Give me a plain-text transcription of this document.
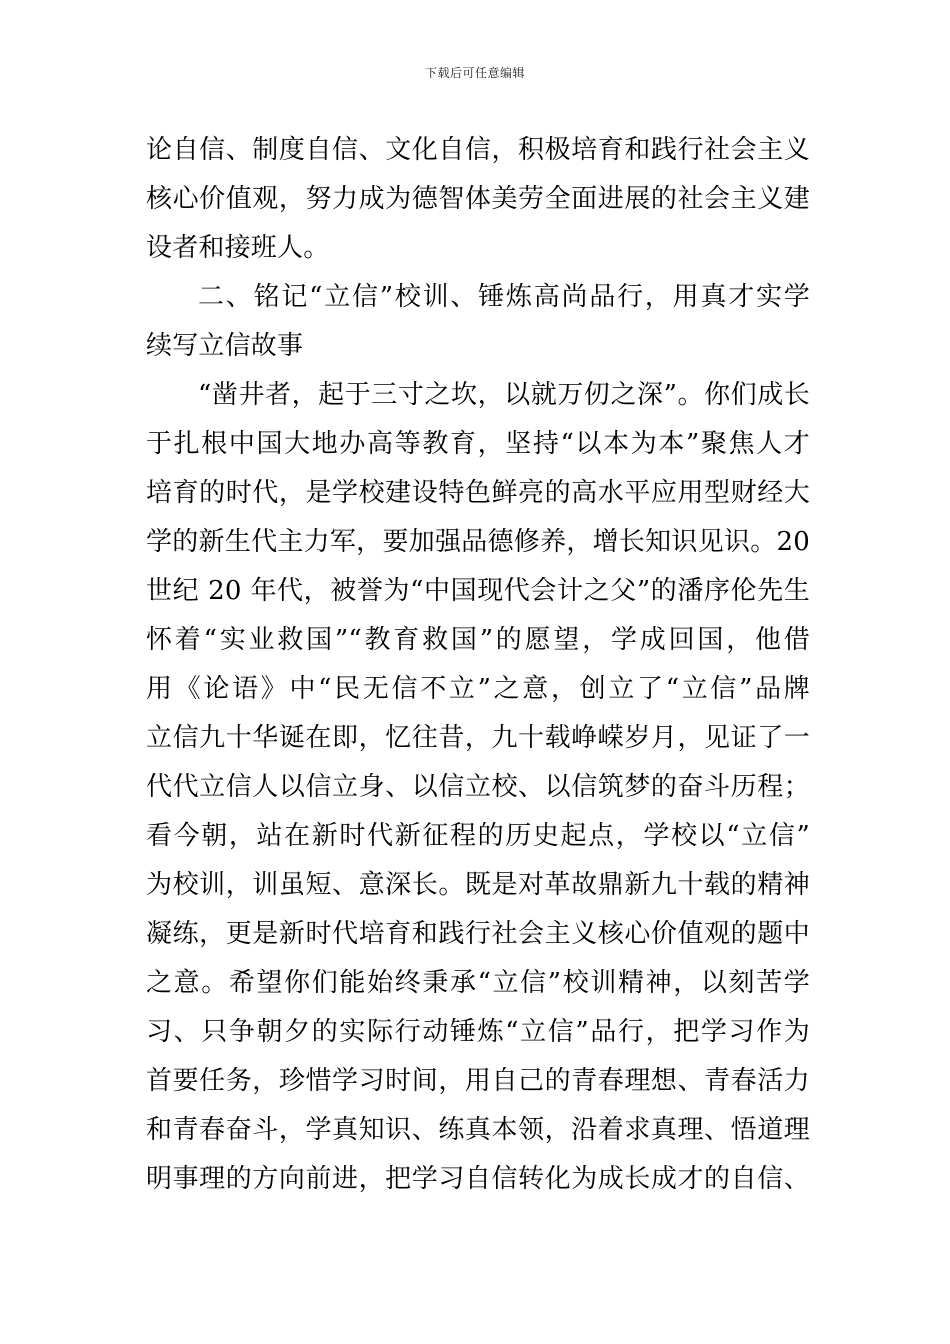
下载后可任意编辑
论自信、制度自信、文化自信，积极培育和践行社会主义
核心价值观，努力成为德智体美劳全面进展的社会主义建
设者和接班人。
二、铭记“立信”校训、锤炼高尚品行，用真才实学
续写立信故事
“凿井者，起于三寸之坎，以就万仞之深”。你们成长
于扎根中国大地办高等教育，坚持“以本为本”聚焦人才
培育的时代，是学校建设特色鲜亮的高水平应用型财经大
学的新生代主力军，要加强品德修养，增长知识见识。20
世纪 20 年代，被誉为“中国现代会计之父”的潘序伦先生
怀着“实业救国”“教育救国”的愿望，学成回国，他借
用《论语》中“民无信不立”之意，创立了“立信”品牌
立信九十华诞在即，忆往昔，九十载峥嵘岁月，见证了一
代代立信人以信立身、以信立校、以信筑梦的奋斗历程；
看今朝，站在新时代新征程的历史起点，学校以“立信”
为校训，训虽短、意深长。既是对革故鼎新九十载的精神
凝练，更是新时代培育和践行社会主义核心价值观的题中
之意。希望你们能始终秉承“立信”校训精神，以刻苦学
习、只争朝夕的实际行动锤炼“立信”品行，把学习作为
首要任务，珍惜学习时间，用自己的青春理想、青春活力
和青春奋斗，学真知识、练真本领，沿着求真理、悟道理
明事理的方向前进，把学习自信转化为成长成才的自信、
